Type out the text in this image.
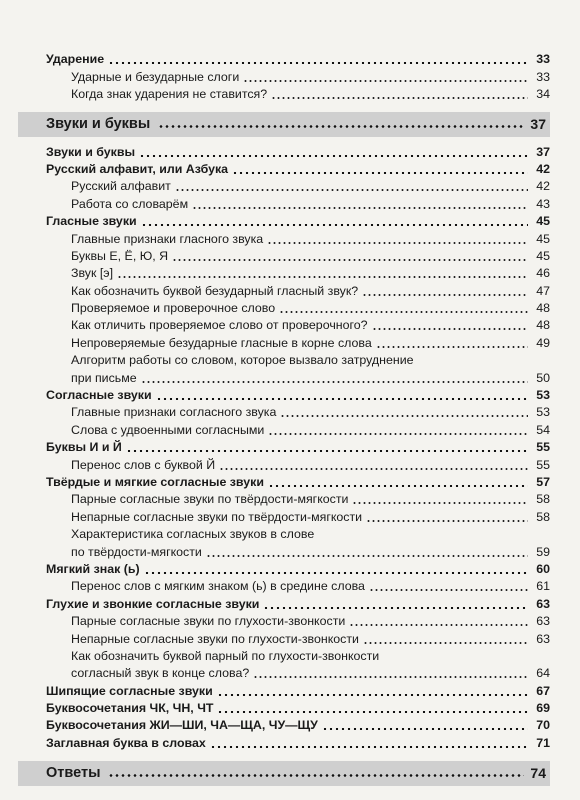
Ударение	33
Ударные и безударные слоги	33
Когда знак ударения не ставится?	34
Звуки и буквы	37
Звуки и буквы	37
Русский алфавит, или Азбука	42
Русский алфавит	42
Работа со словарём	43
Гласные звуки	45
Главные признаки гласного звука	45
Буквы Е, Ё, Ю, Я	45
Звук [э]	46
Как обозначить буквой безударный гласный звук?	47
Проверяемое и проверочное слово	48
Как отличить проверяемое слово от проверочного?	48
Непроверяемые безударные гласные в корне слова	49
Алгоритм работы со словом, которое вызвало затруднение
при письме	50
Согласные звуки	53
Главные признаки согласного звука	53
Слова с удвоенными согласными	54
Буквы И и Й	55
Перенос слов с буквой Й	55
Твёрдые и мягкие согласные звуки	57
Парные согласные звуки по твёрдости-мягкости	58
Непарные согласные звуки по твёрдости-мягкости	58
Характеристика согласных звуков в слове
по твёрдости-мягкости	59
Мягкий знак (ь)	60
Перенос слов с мягким знаком (ь) в средине слова	61
Глухие и звонкие согласные звуки	63
Парные согласные звуки по глухости-звонкости	63
Непарные согласные звуки по глухости-звонкости	63
Как обозначить буквой парный по глухости-звонкости
согласный звук в конце слова?	64
Шипящие согласные звуки	67
Буквосочетания ЧК, ЧН, ЧТ	69
Буквосочетания ЖИ—ШИ, ЧА—ЩА, ЧУ—ЩУ	70
Заглавная буква в словах	71
Ответы	74
